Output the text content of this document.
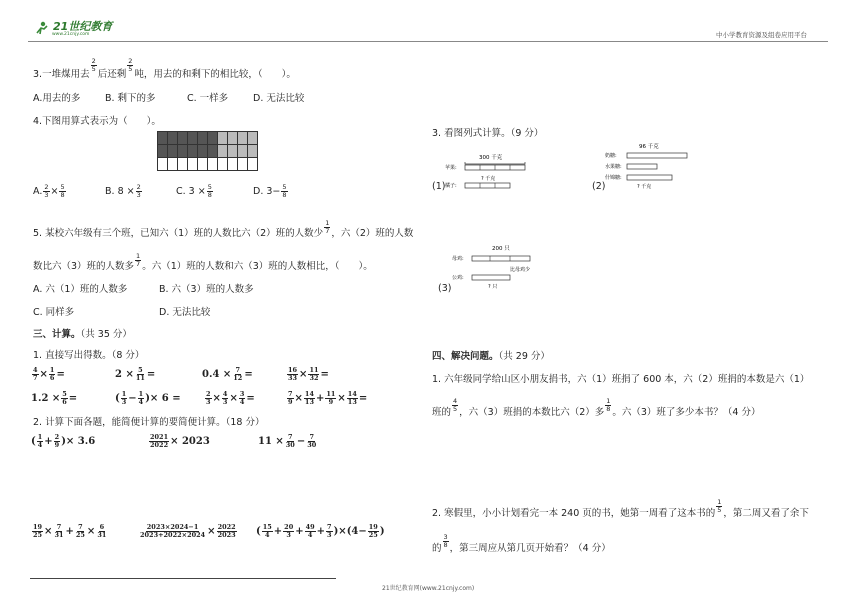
21世纪教育
www.21cnjy.com	中小学教育资源及组卷应用平台
3.一堆煤用去
$\frac{2}{5}$
后还剩
$\frac{2}{5}$
吨，用去的和剩下的相比较，（　　）。
A.用去的多	B. 剩下的多	C. 一样多	D. 无法比较
4.下图用算式表示为（　　）。
A. $\frac{2}{3} \times \frac{5}{8}$	B. $8 \times \frac{2}{3}$	C. $3 \times \frac{5}{8}$	D. $3- \frac{5}{8}$
5. 某校六年级有三个班，已知六（1）班的人数比六（2）班的人数少 $\frac{1}{7}$ ，六（2）班的人数
数比六（3）班的人数多 $\frac{1}{7}$ 。六（1）班的人数和六（3）班的人数相比，（　　）。
A. 六（1）班的人数多	B. 六（3）班的人数多
C. 同样多	D. 无法比较
三、计算。（共 35 分）
1. 直接写出得数。（8 分）
$\frac{4}{7} \times \frac{1}{6}$ =	$2 \times \frac{5}{11}$ =	$0.4 \times \frac{7}{12}$ =	$\frac{16}{33} \times \frac{11}{32}$ =
$1.2 \times \frac{5}{6}$ =	( $\frac{1}{3} - \frac{1}{4}$ )× 6 =	$\frac{2}{3} \times \frac{4}{3} \times \frac{3}{4}$ =	$\frac{7}{9} \times \frac{14}{13} + \frac{11}{9} \times \frac{14}{13}$ =
2. 计算下面各题，能简便计算的要简便计算。（18 分）
( $\frac{1}{4} + \frac{2}{9}$ )× 3.6	$\frac{2021}{2022} \times 2023$	$11 \times \frac{7}{30} - \frac{7}{30}$
$\frac{19}{25} \times \frac{7}{31} + \frac{7}{25} \times \frac{6}{31}$	$\frac{2023\times 2024-1}{2023+2022\times 2024} \times \frac{2022}{2023}$ ( $\frac{15}{4} + \frac{20}{3} + \frac{49}{4} + \frac{7}{3} )\times(4- \frac{19}{25}$ )
21世纪教育网(www.21cnjy.com)
3. 看图列式计算。（9 分）
(1)
300 千克
苹果:
橘子:
? 千克
(2)
96 千克
奶糖:
水果糖:
什锦糖:
? 千克
(3)
200 只
母鸡:
公鸡:
比母鸡少
? 只
四、解决问题。（共 29 分）
1. 六年级同学给山区小朋友捐书，六（1）班捐了 600 本，六（2）班捐的本数是六（1）
班的 $\frac{4}{5}$ ，六（3）班捐的本数比六（2）多 $\frac{1}{8}$ 。六（3）班了多少本书？（4 分）
2. 寒假里，小小计划看完一本 240 页的书，她第一周看了这本书的 $\frac{1}{5}$ ，第二周又看了余下
的 $\frac{3}{8}$ ，第三周应从第几页开始看？（4 分）
